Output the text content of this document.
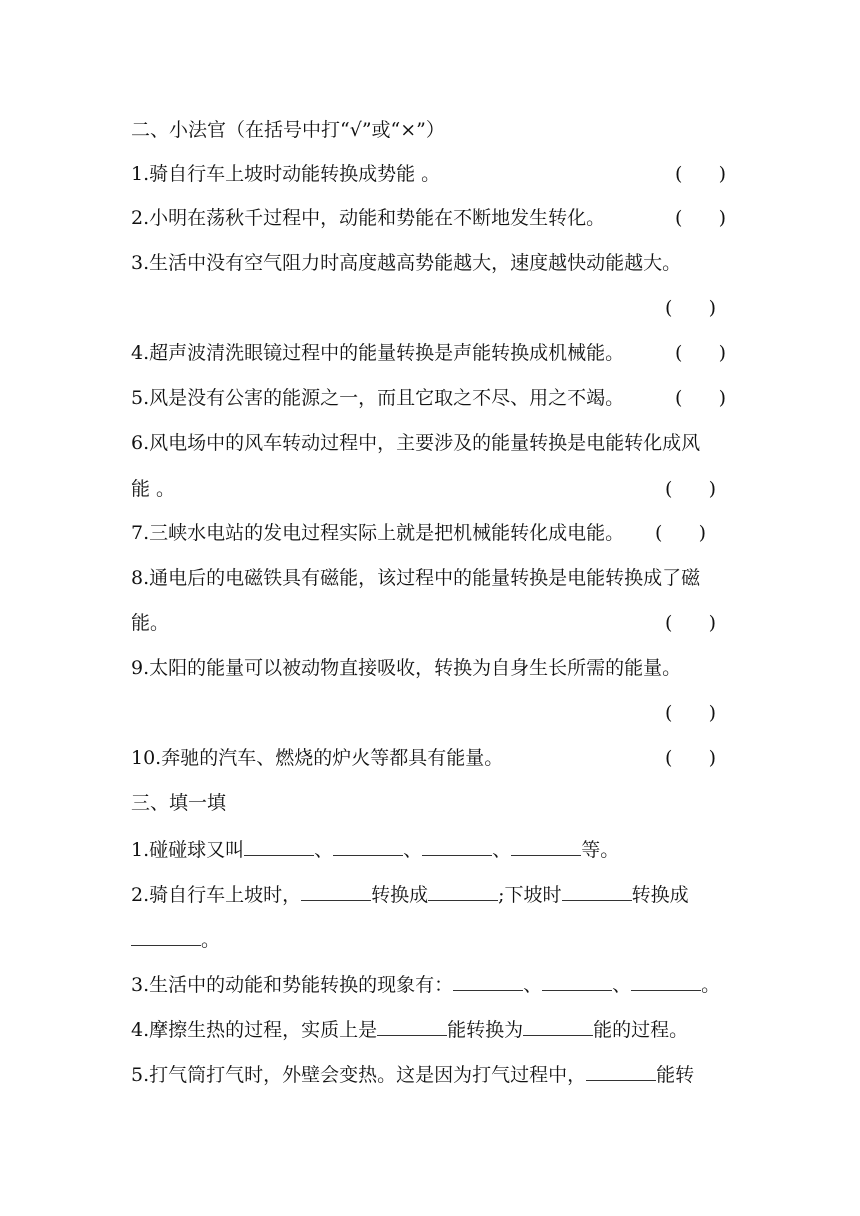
二、小法官（在括号中打“√”或“×”）
1.骑自行车上坡时动能转换成势能 。	(      )
2.小明在荡秋千过程中，动能和势能在不断地发生转化。	(      )
3.生活中没有空气阻力时高度越高势能越大，速度越快动能越大。
(      )
4.超声波清洗眼镜过程中的能量转换是声能转换成机械能。	(      )
5.风是没有公害的能源之一，而且它取之不尽、用之不竭。	(      )
6.风电场中的风车转动过程中，主要涉及的能量转换是电能转化成风
能 。	(      )
7.三峡水电站的发电过程实际上就是把机械能转化成电能。 (      )
8.通电后的电磁铁具有磁能，该过程中的能量转换是电能转换成了磁
能。	(      )
9.太阳的能量可以被动物直接吸收，转换为自身生长所需的能量。
(      )
10.奔驰的汽车、燃烧的炉火等都具有能量。	(      )
三、填一填
1.碰碰球又叫	、	、	、	等。
2.骑自行车上坡时，	转换成	;下坡时	转换成
。
3.生活中的动能和势能转换的现象有：	、	、	。
4.摩擦生热的过程，实质上是	能转换为	能的过程。
5.打气筒打气时，外壁会变热。这是因为打气过程中，	能转
